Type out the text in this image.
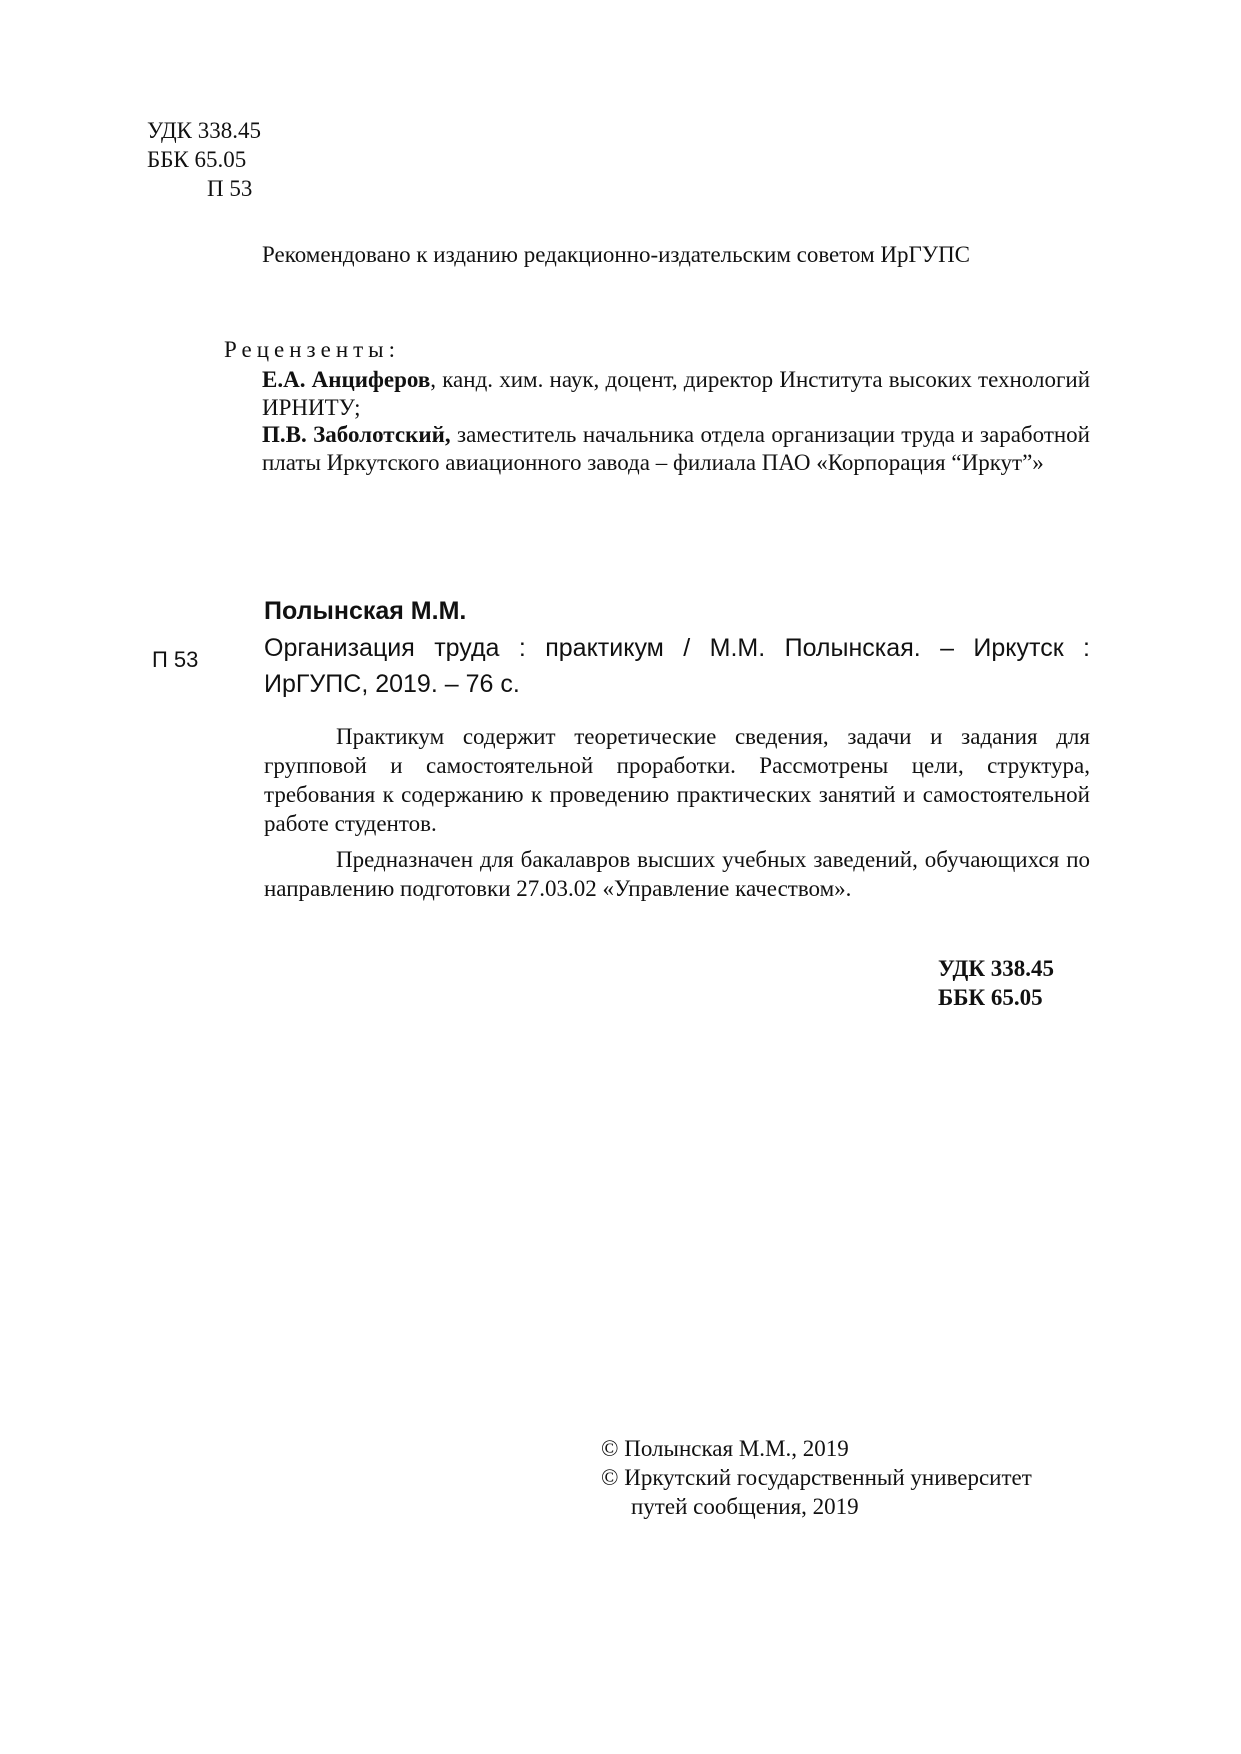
УДК 338.45
ББК 65.05
П 53
Рекомендовано к изданию редакционно-издательским советом ИрГУПС
Рецензенты:
Е.А. Анциферов, канд. хим. наук, доцент, директор Института высоких технологий ИРНИТУ;
П.В. Заболотский, заместитель начальника отдела организации труда и заработной платы Иркутского авиационного завода – филиала ПАО «Корпорация “Иркут”»
Полынская М.М.
П 53	Организация труда : практикум / М.М. Полынская. – Иркутск :
ИрГУПС, 2019. – 76 с.

Практикум содержит теоретические сведения, задачи и задания для групповой и самостоятельной проработки. Рассмотрены цели, структура, требования к содержанию к проведению практических занятий и самостоятельной работе студентов.

Предназначен для бакалавров высших учебных заведений, обучающихся по направлению подготовки 27.03.02 «Управление качеством».

УДК 338.45
ББК 65.05
© Полынская М.М., 2019
© Иркутский государственный университет
путей сообщения, 2019
